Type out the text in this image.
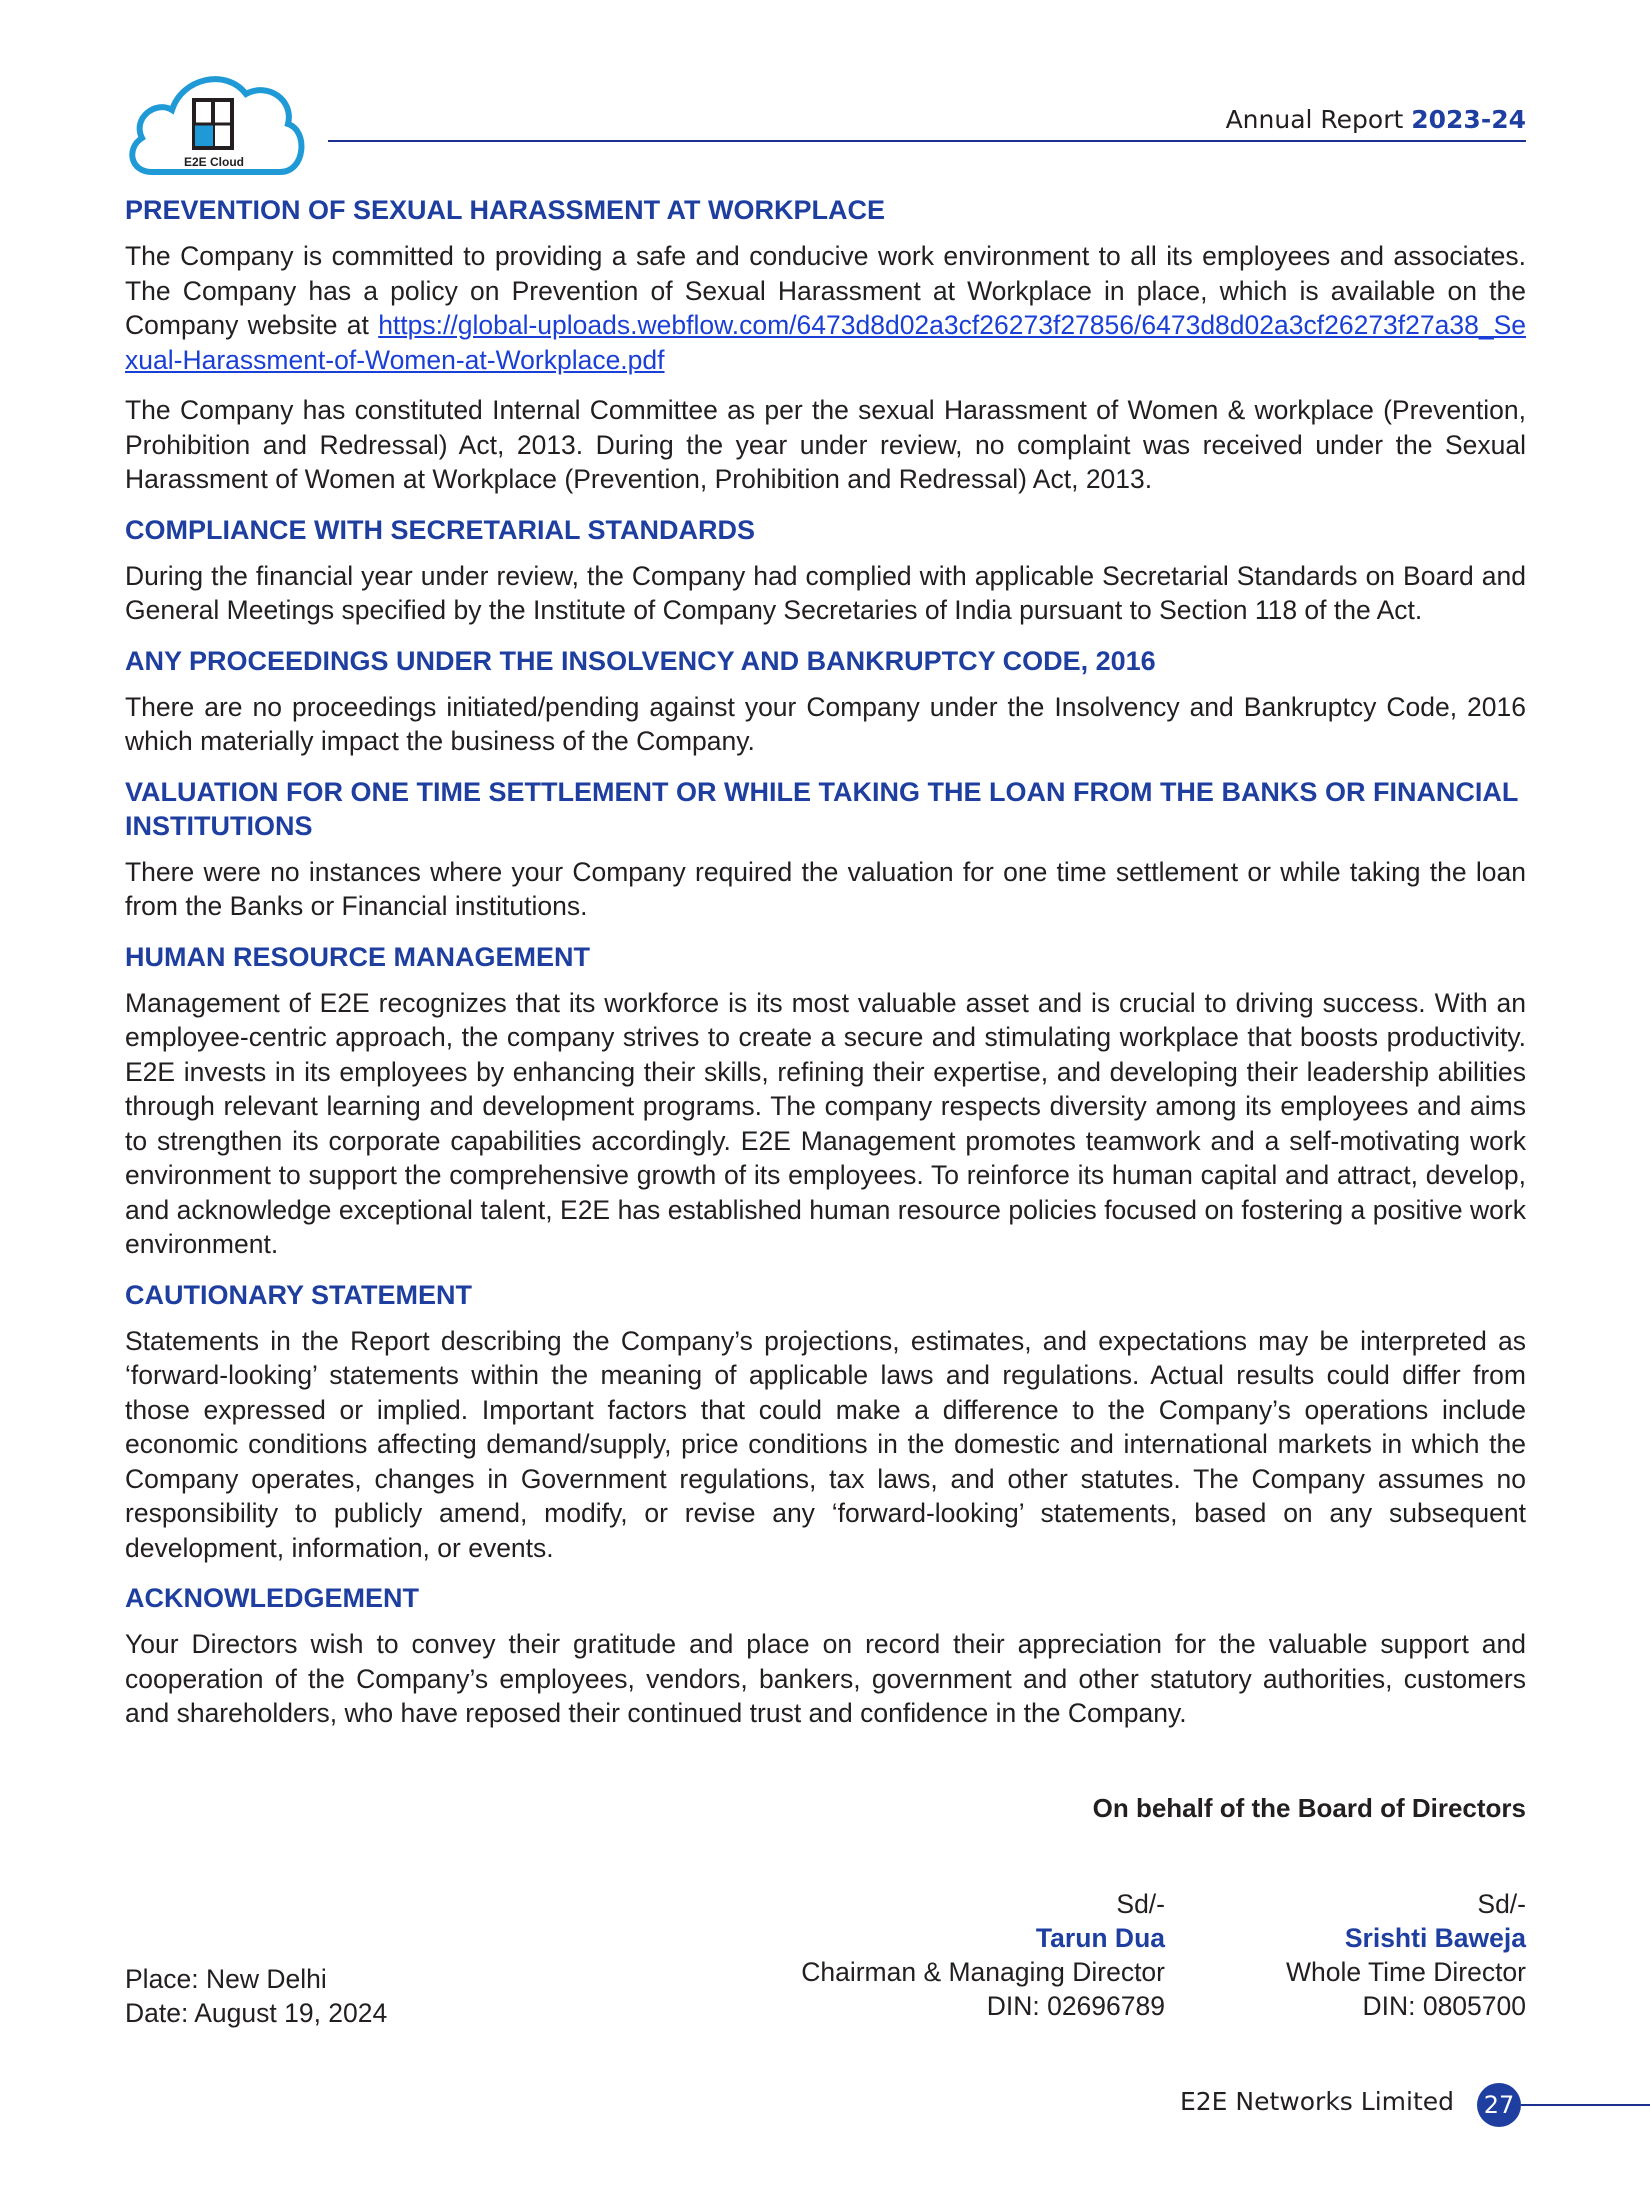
E2E Cloud
Annual Report 2023-24
PREVENTION OF SEXUAL HARASSMENT AT WORKPLACE

The Company is committed to providing a safe and conducive work environment to all its employees and associates. The Company has a policy on Prevention of Sexual Harassment at Workplace in place, which is available on the Company website at https://global-uploads.webflow.com/6473d8d02a3cf26273f27856/6473d8d02a3cf26273f27a38_Sexual-Harassment-of-Women-at-Workplace.pdf

The Company has constituted Internal Committee as per the sexual Harassment of Women & workplace (Prevention, Prohibition and Redressal) Act, 2013. During the year under review, no complaint was received under the Sexual Harassment of Women at Workplace (Prevention, Prohibition and Redressal) Act, 2013.

COMPLIANCE WITH SECRETARIAL STANDARDS

During the financial year under review, the Company had complied with applicable Secretarial Standards on Board and General Meetings specified by the Institute of Company Secretaries of India pursuant to Section 118 of the Act.

ANY PROCEEDINGS UNDER THE INSOLVENCY AND BANKRUPTCY CODE, 2016

There are no proceedings initiated/pending against your Company under the Insolvency and Bankruptcy Code, 2016 which materially impact the business of the Company.

VALUATION FOR ONE TIME SETTLEMENT OR WHILE TAKING THE LOAN FROM THE BANKS OR FINANCIAL INSTITUTIONS

There were no instances where your Company required the valuation for one time settlement or while taking the loan from the Banks or Financial institutions.

HUMAN RESOURCE MANAGEMENT

Management of E2E recognizes that its workforce is its most valuable asset and is crucial to driving success. With an employee-centric approach, the company strives to create a secure and stimulating workplace that boosts productivity. E2E invests in its employees by enhancing their skills, refining their expertise, and developing their leadership abilities through relevant learning and development programs. The company respects diversity among its employees and aims to strengthen its corporate capabilities accordingly. E2E Management promotes teamwork and a self-motivating work environment to support the comprehensive growth of its employees. To reinforce its human capital and attract, develop, and acknowledge exceptional talent, E2E has established human resource policies focused on fostering a positive work environment.

CAUTIONARY STATEMENT

Statements in the Report describing the Company’s projections, estimates, and expectations may be interpreted as ‘forward-looking’ statements within the meaning of applicable laws and regulations. Actual results could differ from those expressed or implied. Important factors that could make a difference to the Company’s operations include economic conditions affecting demand/supply, price conditions in the domestic and international markets in which the Company operates, changes in Government regulations, tax laws, and other statutes. The Company assumes no responsibility to publicly amend, modify, or revise any ‘forward-looking’ statements, based on any subsequent development, information, or events.

ACKNOWLEDGEMENT

Your Directors wish to convey their gratitude and place on record their appreciation for the valuable support and cooperation of the Company’s employees, vendors, bankers, government and other statutory authorities, customers and shareholders, who have reposed their continued trust and confidence in the Company.

On behalf of the Board of Directors
Sd/-
Tarun Dua
Chairman & Managing Director
DIN: 02696789
Sd/-
Srishti Baweja
Whole Time Director
DIN: 0805700
Place: New Delhi
Date: August 19, 2024
E2E Networks Limited 27
